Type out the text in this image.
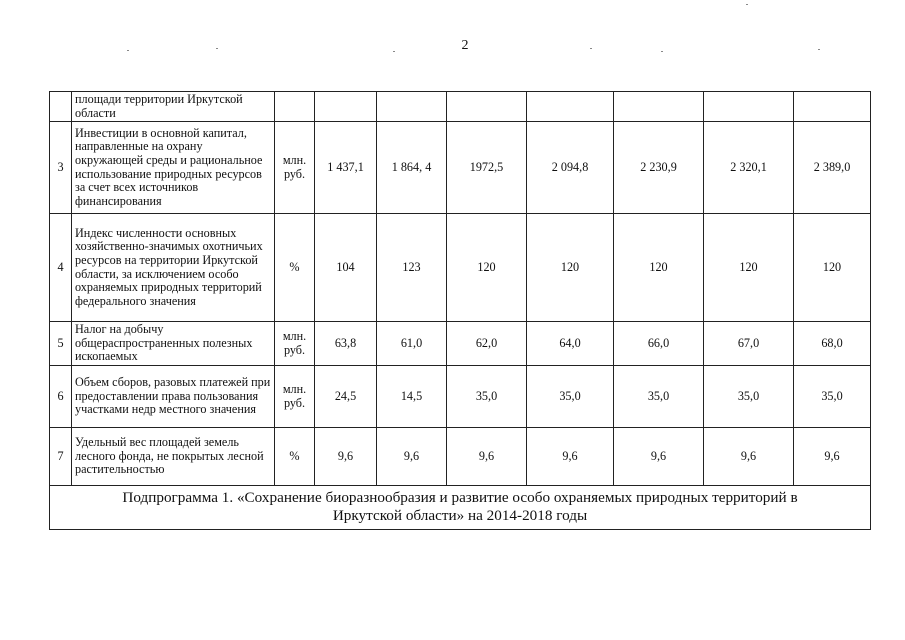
2
	площади территории Иркутской области								
3	Инвестиции в основной капитал, направленные на охрану окружающей среды и рациональное использование природных ресурсов за счет всех источников финансирования	млн. руб.	1 437,1	1 864, 4	1972,5	2 094,8	2 230,9	2 320,1	2 389,0
4	Индекс численности основных хозяйственно-значимых охотничьих ресурсов на территории Иркутской области, за исключением особо охраняемых природных территорий федерального значения	%	104	123	120	120	120	120	120
5	Налог на добычу общераспространенных полезных ископаемых	млн. руб.	63,8	61,0	62,0	64,0	66,0	67,0	68,0
6	Объем сборов, разовых платежей при предоставлении права пользования участками недр местного значения	млн. руб.	24,5	14,5	35,0	35,0	35,0	35,0	35,0
7	Удельный вес площадей земель лесного фонда, не покрытых лесной растительностью	%	9,6	9,6	9,6	9,6	9,6	9,6	9,6
Подпрограмма 1. «Сохранение биоразнообразия и развитие особо охраняемых природных территорий в Иркутской области» на 2014-2018 годы									
